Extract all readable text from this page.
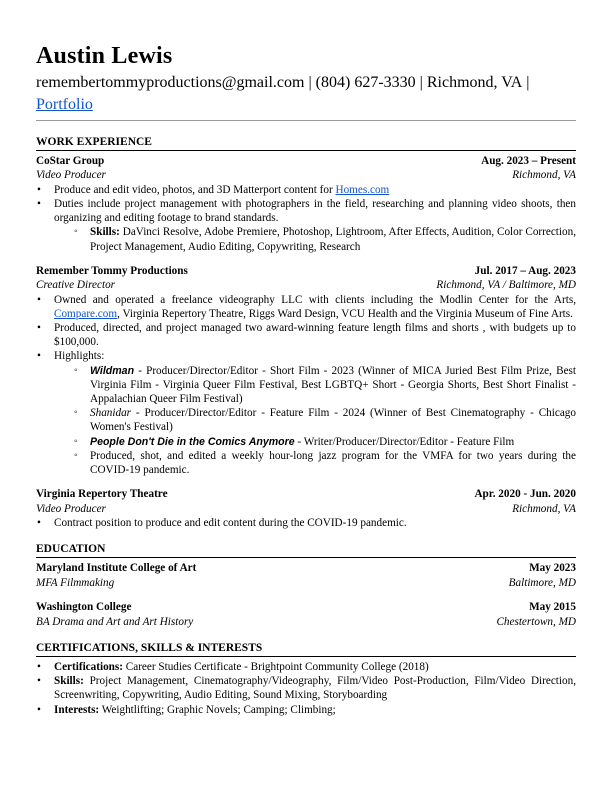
Austin Lewis
remembertommyproductions@gmail.com | (804) 627-3330 | Richmond, VA |
Portfolio
WORK EXPERIENCE
CoStar Group	Aug. 2023 – Present
Video Producer	Richmond, VA
• Produce and edit video, photos, and 3D Matterport content for Homes.com
• Duties include project management with photographers in the field, researching and planning video shoots, then organizing and editing footage to brand standards.
◦ Skills: DaVinci Resolve, Adobe Premiere, Photoshop, Lightroom, After Effects, Audition, Color Correction, Project Management, Audio Editing, Copywriting, Research
Remember Tommy Productions	Jul. 2017 – Aug. 2023
Creative Director	Richmond, VA / Baltimore, MD
• Owned and operated a freelance videography LLC with clients including the Modlin Center for the Arts, Compare.com, Virginia Repertory Theatre, Riggs Ward Design, VCU Health and the Virginia Museum of Fine Arts.
• Produced, directed, and project managed two award-winning feature length films and shorts , with budgets up to $100,000.
• Highlights:
◦ Wildman - Producer/Director/Editor - Short Film - 2023 (Winner of MICA Juried Best Film Prize, Best Virginia Film - Virginia Queer Film Festival, Best LGBTQ+ Short - Georgia Shorts, Best Short Finalist - Appalachian Queer Film Festival)
◦ Shanidar - Producer/Director/Editor - Feature Film - 2024 (Winner of Best Cinematography - Chicago Women's Festival)
◦ People Don't Die in the Comics Anymore - Writer/Producer/Director/Editor - Feature Film
◦ Produced, shot, and edited a weekly hour-long jazz program for the VMFA for two years during the COVID-19 pandemic.
Virginia Repertory Theatre	Apr. 2020 - Jun. 2020
Video Producer	Richmond, VA
• Contract position to produce and edit content during the COVID-19 pandemic.
EDUCATION
Maryland Institute College of Art	May 2023
MFA Filmmaking	Baltimore, MD
Washington College	May 2015
BA Drama and Art and Art History	Chestertown, MD
CERTIFICATIONS, SKILLS & INTERESTS
• Certifications: Career Studies Certificate - Brightpoint Community College (2018)
• Skills: Project Management, Cinematography/Videography, Film/Video Post-Production, Film/Video Direction, Screenwriting, Copywriting, Audio Editing, Sound Mixing, Storyboarding
• Interests: Weightlifting; Graphic Novels; Camping; Climbing;
